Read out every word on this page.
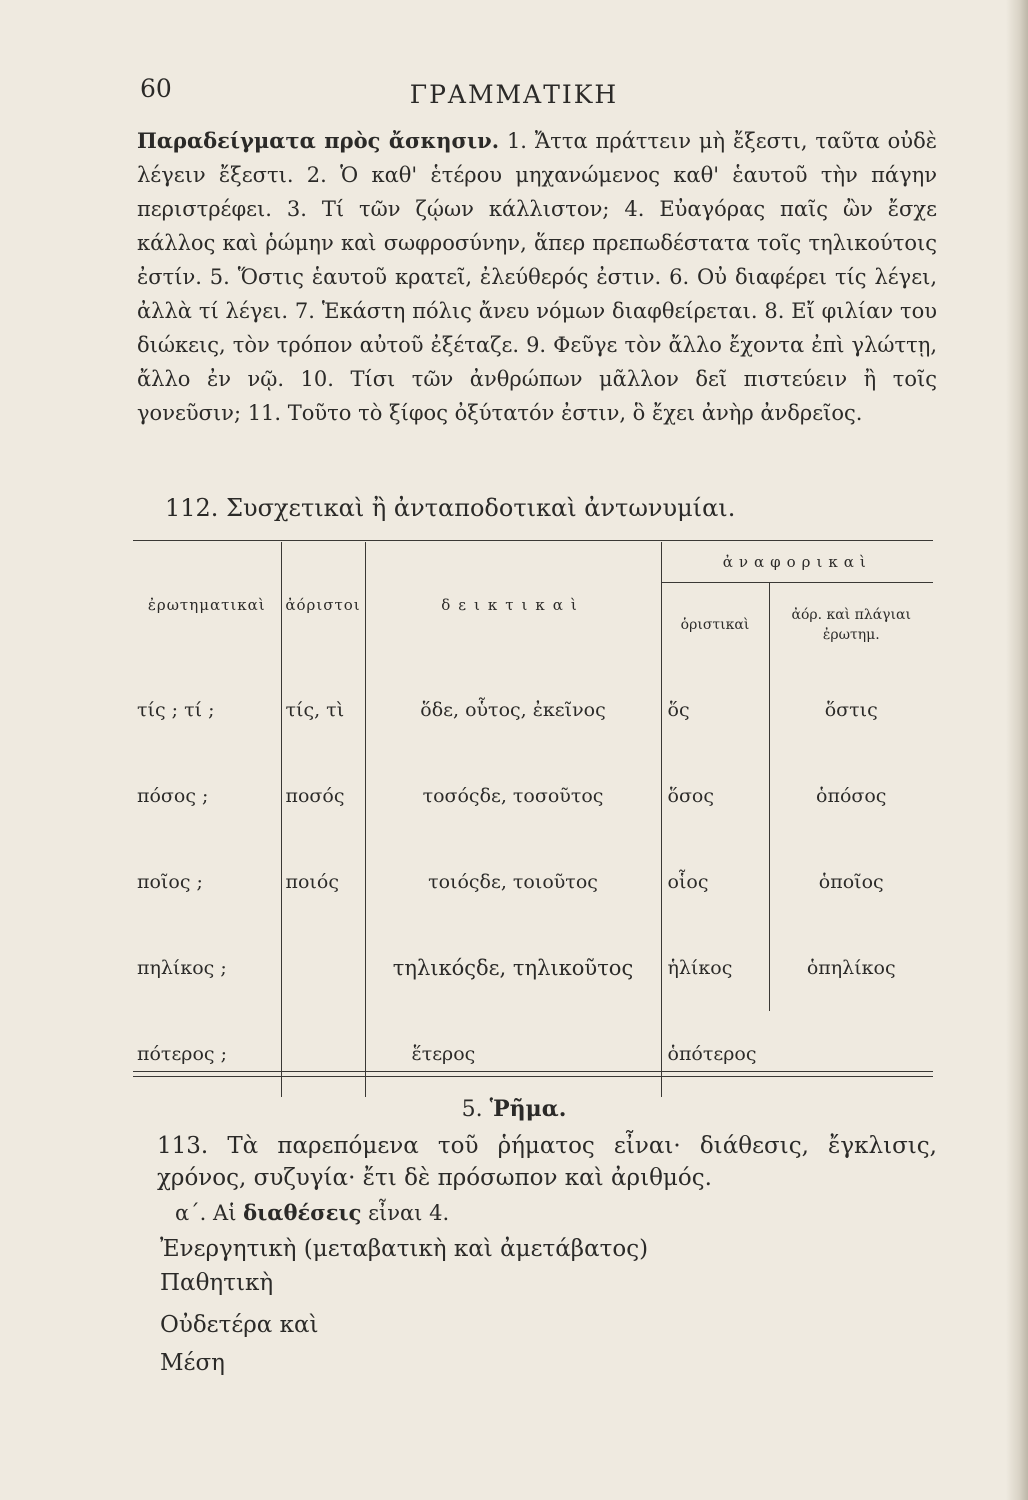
60	ΓΡΑΜΜΑΤΙΚΗ
Παραδείγματα πρὸς ἄσκησιν. 1. Ἄττα πράττειν μὴ ἔξεστι, ταῦτα οὐδὲ λέγειν ἔξεστι. 2. Ὁ καθ' ἑτέρου μηχανώμενος καθ' ἑαυτοῦ τὴν πάγην περιστρέφει. 3. Τί τῶν ζῴων κάλλιστον; 4. Εὐαγόρας παῖς ὢν ἔσχε κάλλος καὶ ῥώμην καὶ σωφροσύνην, ἅπερ πρεπωδέστατα τοῖς τηλικούτοις ἐστίν. 5. Ὅστις ἑαυτοῦ κρατεῖ, ἐλεύθερός ἐστιν. 6. Οὐ διαφέρει τίς λέγει, ἀλλὰ τί λέγει. 7. Ἑκάστη πόλις ἄνευ νόμων διαφθείρεται. 8. Εἴ φιλίαν του διώκεις, τὸν τρόπον αὐτοῦ ἐξέταζε. 9. Φεῦγε τὸν ἄλλο ἔχοντα ἐπὶ γλώττῃ, ἄλλο ἐν νῷ. 10. Τίσι τῶν ἀνθρώπων μᾶλλον δεῖ πιστεύειν ἢ τοῖς γονεῦσιν; 11. Τοῦτο τὸ ξίφος ὀξύτατόν ἐστιν, ὃ ἔχει ἀνὴρ ἀνδρεῖος.
112. Συσχετικαὶ ἢ ἀνταποδοτικαὶ ἀντωνυμίαι.
ἐρωτηματικαὶ	ἀόριστοι	δεικτικαὶ	ἀναφορικαὶ	
			ὁριστικαὶ	ἀόρ. καὶ πλάγιαι ἐρωτημ.
τίς ; τί ;	τίς, τὶ	ὅδε, οὗτος, ἐκεῖνος	ὅς	ὅστις
πόσος ;	ποσός	τοσόςδε, τοσοῦτος	ὅσος	ὁπόσος
ποῖος ;	ποιός	τοιόςδε, τοιοῦτος	οἷος	ὁποῖος
πηλίκος ;		τηλικόςδε, τηλικοῦτος	ἡλίκος	ὁπηλίκος
πότερος ;		ἕτερος	ὁπότερος	
5. Ῥῆμα.
113. Τὰ παρεπόμενα τοῦ ῥήματος εἶναι· διάθεσις, ἔγκλισις, χρόνος, συζυγία· ἔτι δὲ πρόσωπον καὶ ἀριθμός.
α΄. Αἱ διαθέσεις εἶναι 4.
Ἐνεργητικὴ (μεταβατικὴ καὶ ἀμετάβατος)
Παθητικὴ
Οὐδετέρα καὶ
Μέση
